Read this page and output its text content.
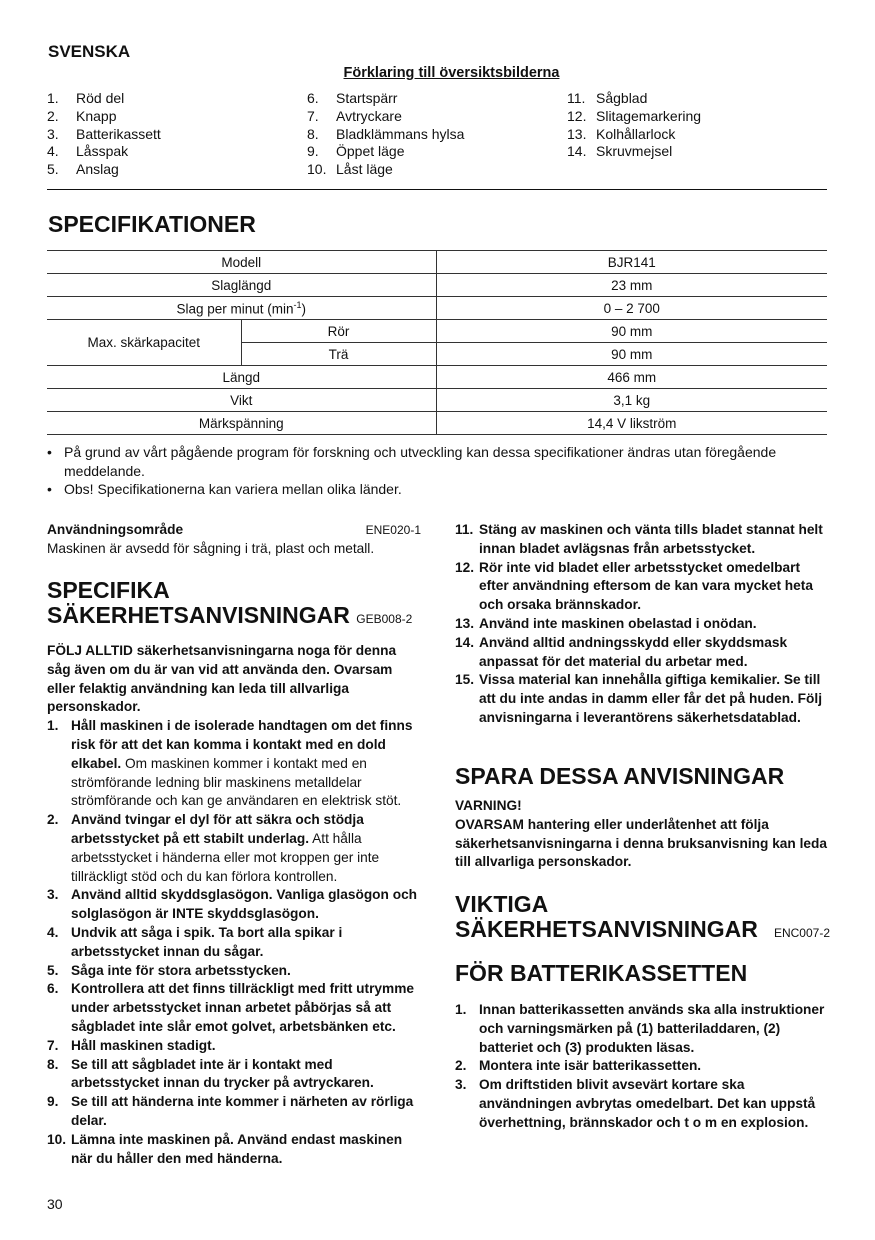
SVENSKA
Förklaring till översiktsbilderna
1.	Röd del
2.	Knapp
3.	Batterikassett
4.	Låsspak
5.	Anslag
6.	Startspärr
7.	Avtryckare
8.	Bladklämmans hylsa
9.	Öppet läge
10. Låst läge
11. Sågblad
12. Slitagemarkering
13. Kolhållarlock
14. Skruvmejsel
SPECIFIKATIONER
Modell		BJR141
Slaglängd		23 mm
Slag per minut $(\min^{-1})$		0 – 2 700
Max. skärkapacitet	Rör	90 mm
	Trä	90 mm
Längd		466 mm
Vikt		3,1 kg
Märkspänning		14,4 V likström
• På grund av vårt pågående program för forskning och utveckling kan dessa specifikationer ändras utan föregående meddelande.
• Obs! Specifikationerna kan variera mellan olika länder.
Användningsområde	ENE020-1
Maskinen är avsedd för sågning i trä, plast och metall.
SPECIFIKA
SÄKERHETSANVISNINGAR GEB008-2
FÖLJ ALLTID säkerhetsanvisningarna noga för denna såg även om du är van vid att använda den. Ovarsam eller felaktig användning kan leda till allvarliga personskador.
1. Håll maskinen i de isolerade handtagen om det finns risk för att det kan komma i kontakt med en dold elkabel. Om maskinen kommer i kontakt med en strömförande ledning blir maskinens metalldelar strömförande och kan ge användaren en elektrisk stöt.
2. Använd tvingar el dyl för att säkra och stödja arbetsstycket på ett stabilt underlag. Att hålla arbetsstycket i händerna eller mot kroppen ger inte tillräckligt stöd och du kan förlora kontrollen.
3. Använd alltid skyddsglasögon. Vanliga glasögon och solglasögon är INTE skyddsglasögon.
4. Undvik att såga i spik. Ta bort alla spikar i arbetsstycket innan du sågar.
5. Såga inte för stora arbetsstycken.
6. Kontrollera att det finns tillräckligt med fritt utrymme under arbetsstycket innan arbetet påbörjas så att sågbladet inte slår emot golvet, arbetsbänken etc.
7. Håll maskinen stadigt.
8. Se till att sågbladet inte är i kontakt med arbetsstycket innan du trycker på avtryckaren.
9. Se till att händerna inte kommer i närheten av rörliga delar.
10. Lämna inte maskinen på. Använd endast maskinen när du håller den med händerna.
11. Stäng av maskinen och vänta tills bladet stannat helt innan bladet avlägsnas från arbetsstycket.
12. Rör inte vid bladet eller arbetsstycket omedelbart efter användning eftersom de kan vara mycket heta och orsaka brännskador.
13. Använd inte maskinen obelastad i onödan.
14. Använd alltid andningsskydd eller skyddsmask anpassat för det material du arbetar med.
15. Vissa material kan innehålla giftiga kemikalier. Se till att du inte andas in damm eller får det på huden. Följ anvisningarna i leverantörens säkerhetsdatablad.
SPARA DESSA ANVISNINGAR
VARNING!
OVARSAM hantering eller underlåtenhet att följa säkerhetsanvisningarna i denna bruksanvisning kan leda till allvarliga personskador.
VIKTIGA
SÄKERHETSANVISNINGAR ENC007-2
FÖR BATTERIKASSETTEN
1. Innan batterikassetten används ska alla instruktioner och varningsmärken på (1) batteriladdaren, (2) batteriet och (3) produkten läsas.
2. Montera inte isär batterikassetten.
3. Om driftstiden blivit avsevärt kortare ska användningen avbrytas omedelbart. Det kan uppstå överhettning, brännskador och t o m en explosion.
30
